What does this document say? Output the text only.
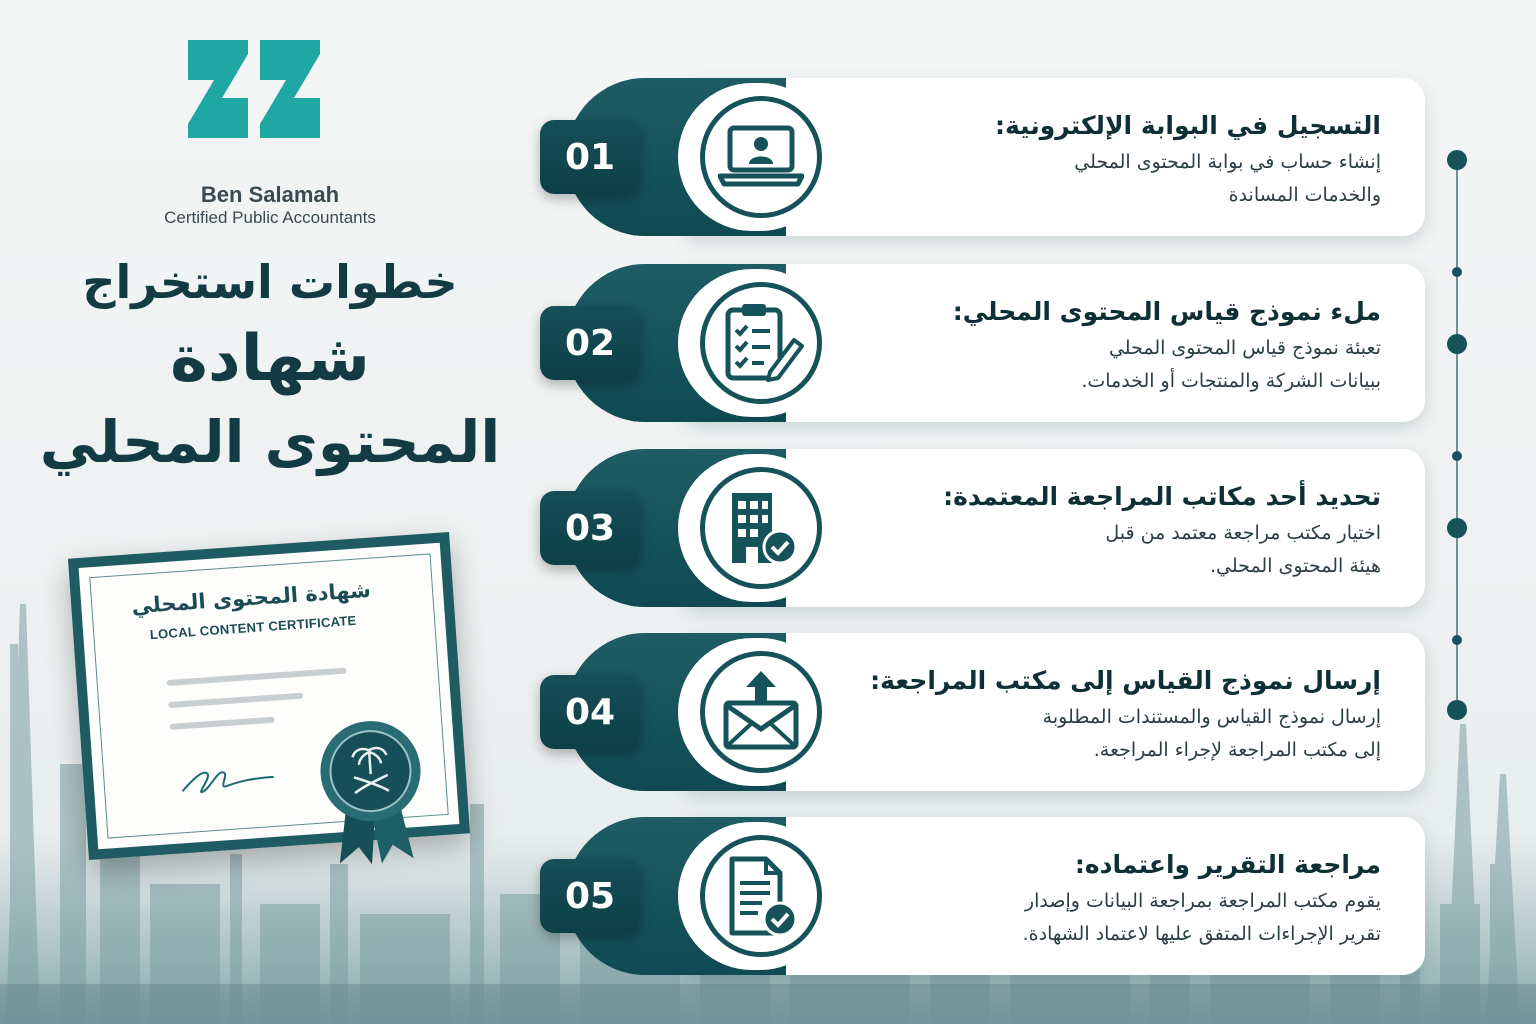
Ben Salamah
Certified Public Accountants
خطوات استخراج
شهادة
المحتوى المحلي
شهادة المحتوى المحلي
LOCAL CONTENT CERTIFICATE
01
التسجيل في البوابة الإلكترونية:
إنشاء حساب في بوابة المحتوى المحلي
والخدمات المساندة
02
ملء نموذج قياس المحتوى المحلي:
تعبئة نموذج قياس المحتوى المحلي
ببيانات الشركة والمنتجات أو الخدمات.
03
تحديد أحد مكاتب المراجعة المعتمدة:
اختيار مكتب مراجعة معتمد من قبل
هيئة المحتوى المحلي.
04
إرسال نموذج القياس إلى مكتب المراجعة:
إرسال نموذج القياس والمستندات المطلوبة
إلى مكتب المراجعة لإجراء المراجعة.
05
مراجعة التقرير واعتماده:
يقوم مكتب المراجعة بمراجعة البيانات وإصدار
تقرير الإجراءات المتفق عليها لاعتماد الشهادة.
